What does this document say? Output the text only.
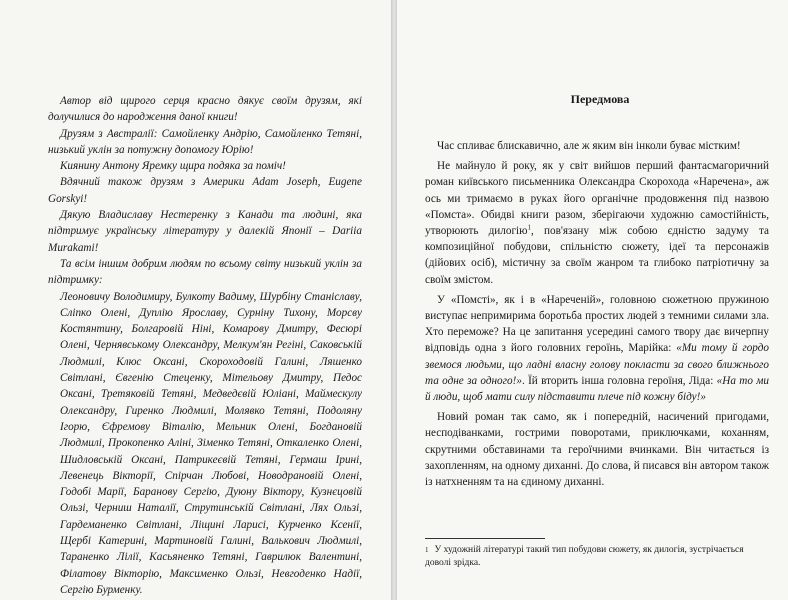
Автор від щирого серця красно дякує своїм друзям, які долучилися до народження даної книги!

Друзям з Австралії: Самойленку Андрію, Самойленко Тетяні, низький уклін за потужну допомогу Юрію!

Киянину Антону Яремку щира подяка за поміч!

Вдячний також друзям з Америки Adam Joseph, Eugene Gorskyi!

Дякую Владиславу Нестеренку з Канади та людині, яка підтримує українську літературу у далекій Японії – Dariia Murakami!

Та всім іншим добрим людям по всьому світу низький уклін за підтримку:

Леоновичу Володимиру, Булкоту Вадиму, Шурбіну Станіславу, Сліпко Олені, Дуплію Ярославу, Сурніну Тихону, Морсву Костянтину, Болгаровій Ніні, Комарову Дмитру, Фесюрі Олені, Чернявському Олександру, Мелкум'ян Регіні, Саковській Людмилі, Клюс Оксані, Скороходовій Галині, Ляшенко Світлані, Євгенію Стеценку, Мітельову Дмитру, Педос Оксані, Третяковій Тетяні, Медведєвій Юліані, Маймескулу Олександру, Гиренко Людмилі, Молявко Тетяні, Подоляну Ігорю, Єфремову Віталію, Мельник Олені, Богдановій Людмилі, Прокопенко Аліні, Зіменко Тетяні, Откаленко Олені, Шидловській Оксані, Патрикеєвій Тетяні, Гермаш Ірині, Левенець Вікторії, Спірчан Любові, Новодрановій Олені, Годобі Марії, Баранову Сергію, Дуюну Віктору, Кузнєцовій Ользі, Черниш Наталії, Струтинській Світлані, Лях Ользі, Гардеманенко Світлані, Ліщині Ларисі, Курченко Ксенії, Щербі Катерині, Мартиновій Галині, Валькович Людмилі, Тараненко Лілії, Касьяненко Тетяні, Гаврилюк Валентині, Філатову Вікторію, Максименко Ользі, Невгоденко Надії, Сергію Бурменку.

Передмова

Час спливає блискавично, але ж яким він інколи буває містким!

Не майнуло й року, як у світ вийшов перший фантасмагоричний роман київського письменника Олександра Скорохода «Наречена», аж ось ми тримаємо в руках його органічне продовження під назвою «Помста». Обидві книги разом, зберігаючи художню самостійність, утворюють дилогію$^1$, пов'язану між собою єдністю задуму та композиційної побудови, спільністю сюжету, ідеї та персонажів (дійових осіб), містичну за своїм жанром та глибоко патріотичну за своїм змістом.

У «Помсті», як і в «Нареченій», головною сюжетною пружиною виступає непримирима боротьба простих людей з темними силами зла. Хто переможе? На це запитання усередині самого твору дає вичерпну відповідь одна з його головних героїнь, Марійка: «Ми тому й гордо звемося людьми, що ладні власну голову покласти за свого ближнього та одне за одного!». Їй вторить інша головна героїня, Ліда: «На то ми й люди, щоб мати силу підставити плече під кожну біду!»

Новий роман так само, як і попередній, насичений пригодами, несподіванками, гострими поворотами, приключками, коханням, скрутними обставинами та героїчними вчинками. Він читається із захопленням, на одному диханні. До слова, й писався він автором також із натхненням та на єдиному диханні.

$^1$ У художній літературі такий тип побудови сюжету, як дилогія, зустрічається доволі зрідка.
